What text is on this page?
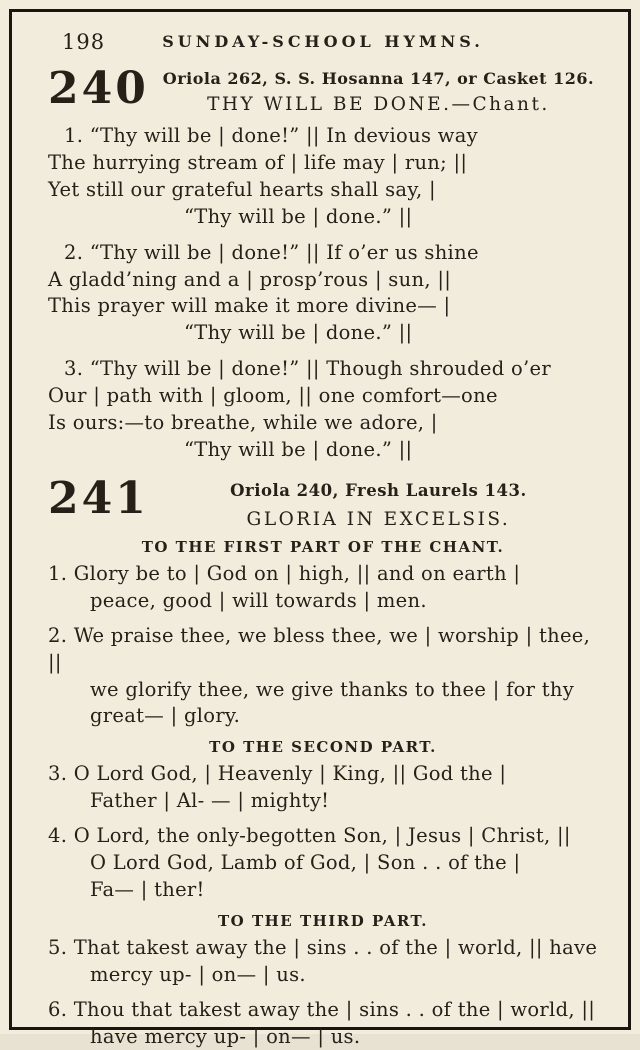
198	SUNDAY-SCHOOL HYMNS.
240 Oriola 262, S. S. Hosanna 147, or Casket 126.
THY WILL BE DONE.—Chant.
1. “Thy will be | done!” || In devious way
The hurrying stream of | life may | run; ||
Yet still our grateful hearts shall say, |
“Thy will be | done.” ||
2. “Thy will be | done!” || If o’er us shine
A gladd’ning and a | prosp’rous | sun, ||
This prayer will make it more divine— |
“Thy will be | done.” ||
3. “Thy will be | done!” || Though shrouded o’er
Our | path with | gloom, || one comfort—one
Is ours:—to breathe, while we adore, |
“Thy will be | done.” ||
241	Oriola 240, Fresh Laurels 143.
GLORIA IN EXCELSIS.
TO THE FIRST PART OF THE CHANT.
1. Glory be to | God on | high, || and on earth |
peace, good | will towards | men.
2. We praise thee, we bless thee, we | worship | thee, ||
we glorify thee, we give thanks to thee | for thy
great— | glory.
TO THE SECOND PART.
3. O Lord God, | Heavenly | King, || God the |
Father | Al- — | mighty!
4. O Lord, the only-begotten Son, | Jesus | Christ, ||
O Lord God, Lamb of God, | Son . . of the |
Fa— | ther!
TO THE THIRD PART.
5. That takest away the | sins . . of the | world, || have
mercy up- | on— | us.
6. Thou that takest away the | sins . . of the | world, ||
have mercy up- | on— | us.
